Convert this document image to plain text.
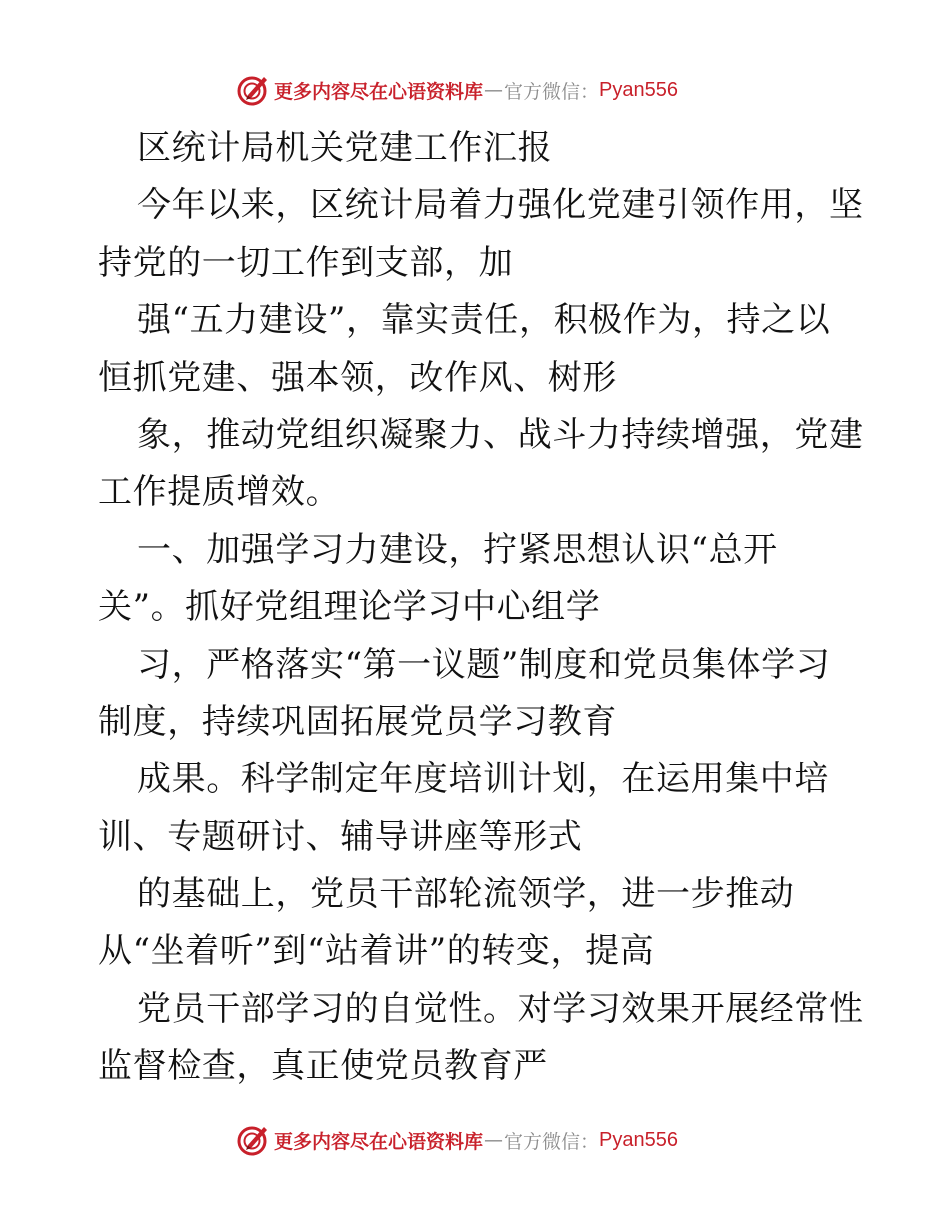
更多内容尽在心语资料库 — 官方微信： Pyan556
区统计局机关党建工作汇报
今年以来，区统计局着力强化党建引领作用，坚
持党的一切工作到支部，加
强“五力建设”，靠实责任，积极作为，持之以
恒抓党建、强本领，改作风、树形
象，推动党组织凝聚力、战斗力持续增强，党建
工作提质增效。
一、加强学习力建设，拧紧思想认识“总开
关”。抓好党组理论学习中心组学
习，严格落实“第一议题”制度和党员集体学习
制度，持续巩固拓展党员学习教育
成果。科学制定年度培训计划，在运用集中培
训、专题研讨、辅导讲座等形式
的基础上，党员干部轮流领学，进一步推动
从“坐着听”到“站着讲”的转变，提高
党员干部学习的自觉性。对学习效果开展经常性
监督检查，真正使党员教育严
更多内容尽在心语资料库 — 官方微信： Pyan556
